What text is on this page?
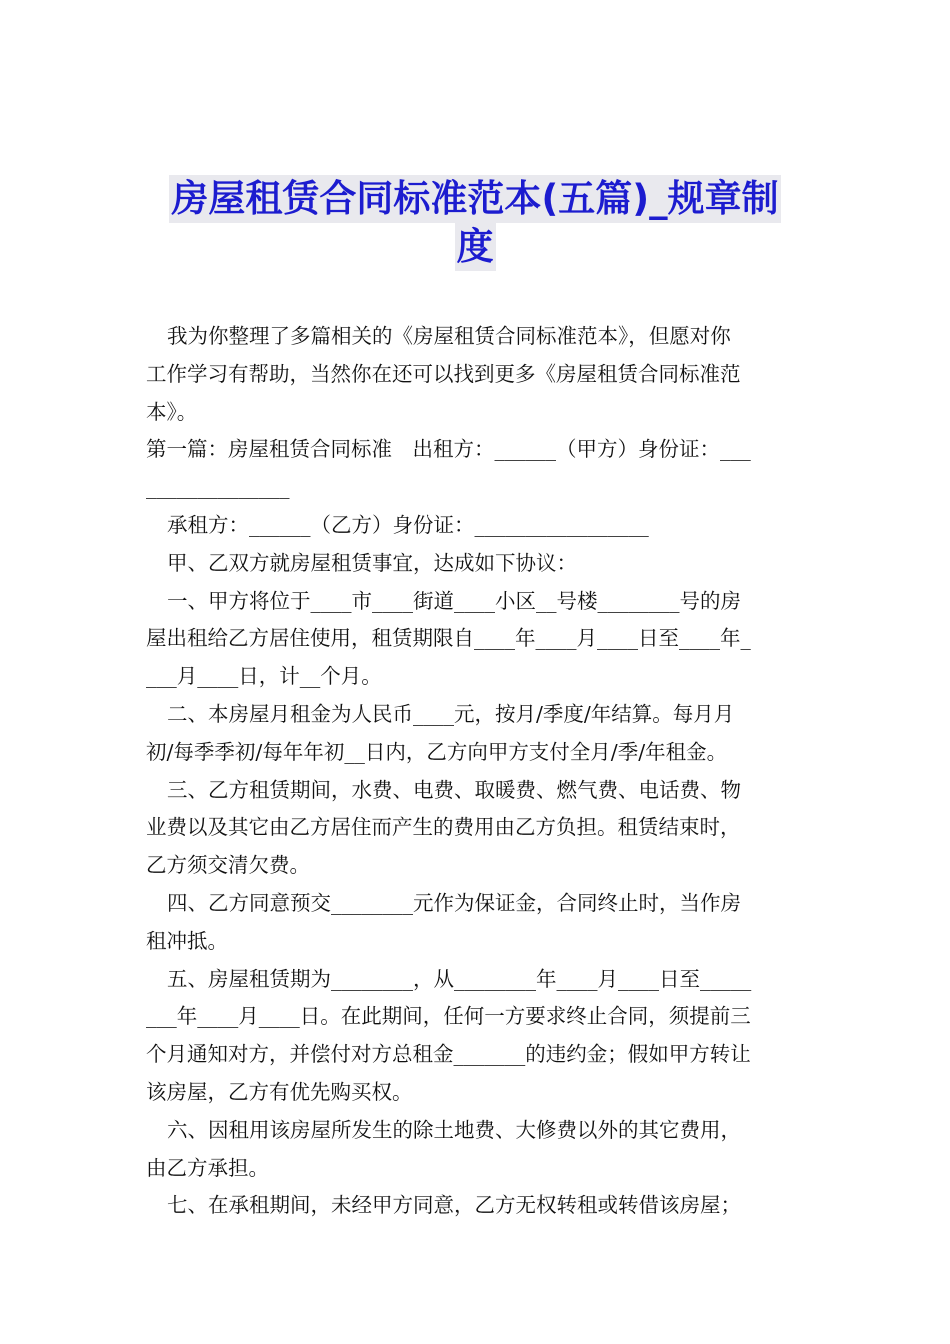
房屋租赁合同标准范本(五篇)_规章制
度

我为你整理了多篇相关的《房屋租赁合同标准范本》，但愿对你

工作学习有帮助，当然你在还可以找到更多《房屋租赁合同标准范

本》。

第一篇：房屋租赁合同标准　出租方：______（甲方）身份证：___

______________

承租方：______（乙方）身份证：_________________

甲、乙双方就房屋租赁事宜，达成如下协议：

一、甲方将位于____市____街道____小区__号楼________号的房

屋出租给乙方居住使用，租赁期限自____年____月____日至____年_

___月____日，计__个月。

二、本房屋月租金为人民币____元，按月/季度/年结算。每月月

初/每季季初/每年年初__日内，乙方向甲方支付全月/季/年租金。

三、乙方租赁期间，水费、电费、取暖费、燃气费、电话费、物

业费以及其它由乙方居住而产生的费用由乙方负担。租赁结束时，

乙方须交清欠费。

四、乙方同意预交________元作为保证金，合同终止时，当作房

租冲抵。

五、房屋租赁期为________，从________年____月____日至_____

___年____月____日。在此期间，任何一方要求终止合同，须提前三

个月通知对方，并偿付对方总租金_______的违约金；假如甲方转让

该房屋，乙方有优先购买权。

六、因租用该房屋所发生的除土地费、大修费以外的其它费用，

由乙方承担。

七、在承租期间，未经甲方同意，乙方无权转租或转借该房屋；
